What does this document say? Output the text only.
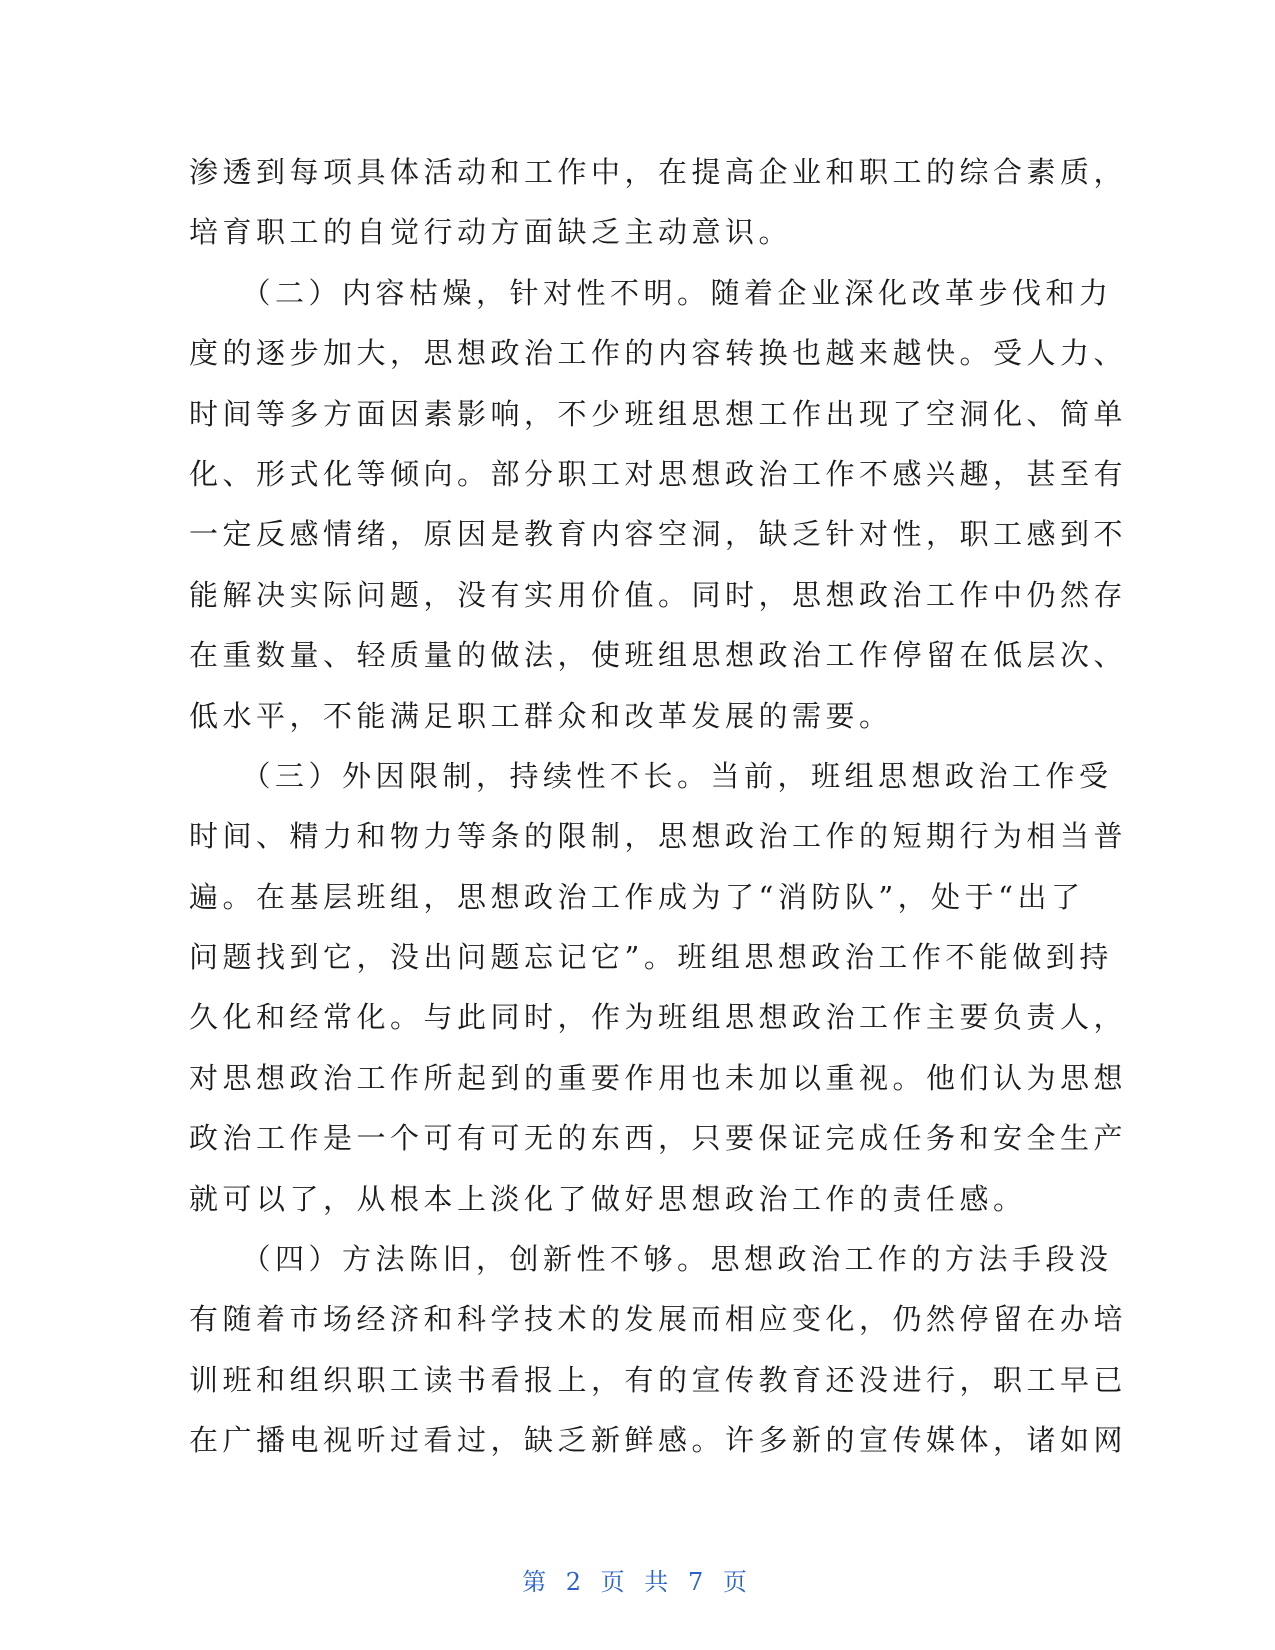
渗透到每项具体活动和工作中，在提高企业和职工的综合素质，
培育职工的自觉行动方面缺乏主动意识。
　　（二）内容枯燥，针对性不明。随着企业深化改革步伐和力
度的逐步加大，思想政治工作的内容转换也越来越快。受人力、
时间等多方面因素影响，不少班组思想工作出现了空洞化、简单
化、形式化等倾向。部分职工对思想政治工作不感兴趣，甚至有
一定反感情绪，原因是教育内容空洞，缺乏针对性，职工感到不
能解决实际问题，没有实用价值。同时，思想政治工作中仍然存
在重数量、轻质量的做法，使班组思想政治工作停留在低层次、
低水平，不能满足职工群众和改革发展的需要。
　　（三）外因限制，持续性不长。当前，班组思想政治工作受
时间、精力和物力等条的限制，思想政治工作的短期行为相当普
遍。在基层班组，思想政治工作成为了“消防队”，处于“出了
问题找到它，没出问题忘记它”。班组思想政治工作不能做到持
久化和经常化。与此同时，作为班组思想政治工作主要负责人，
对思想政治工作所起到的重要作用也未加以重视。他们认为思想
政治工作是一个可有可无的东西，只要保证完成任务和安全生产
就可以了，从根本上淡化了做好思想政治工作的责任感。
　　（四）方法陈旧，创新性不够。思想政治工作的方法手段没
有随着市场经济和科学技术的发展而相应变化，仍然停留在办培
训班和组织职工读书看报上，有的宣传教育还没进行，职工早已
在广播电视听过看过，缺乏新鲜感。许多新的宣传媒体，诸如网
第 2 页 共 7 页
